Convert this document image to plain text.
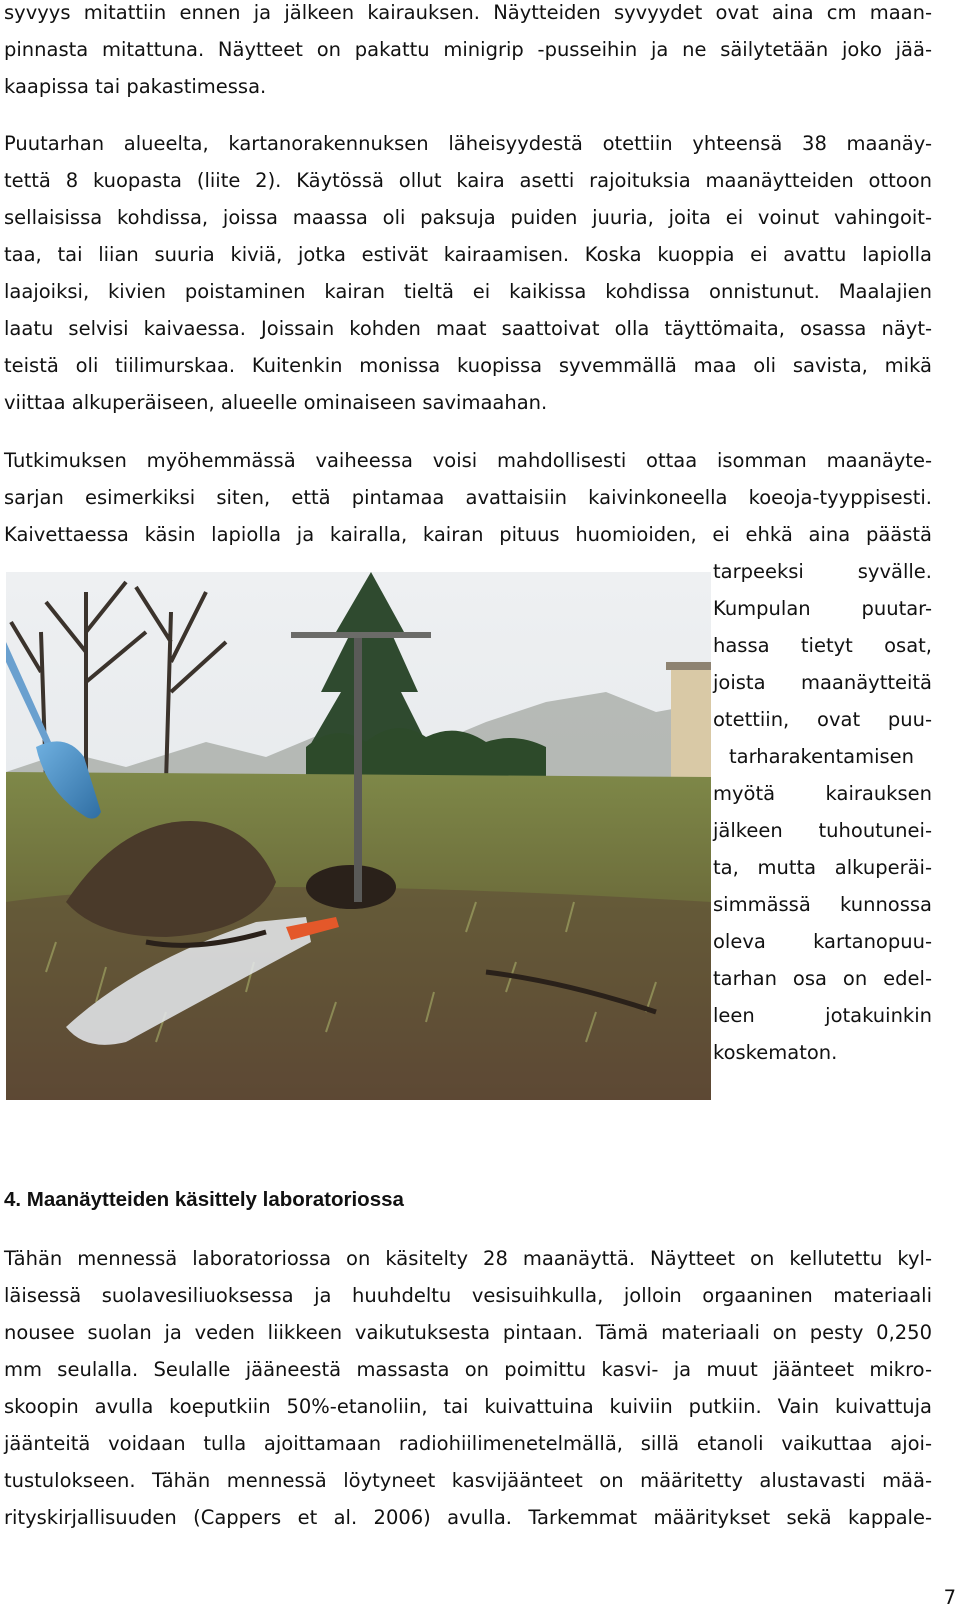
syvyys mitattiin ennen ja jälkeen kairauksen. Näytteiden syvyydet ovat aina cm maan-
pinnasta mitattuna. Näytteet on pakattu minigrip -pusseihin ja ne säilytetään joko jää-
kaapissa tai pakastimessa.
Puutarhan alueelta, kartanorakennuksen läheisyydestä otettiin yhteensä 38 maanäy-
tettä 8 kuopasta (liite 2). Käytössä ollut kaira asetti rajoituksia maanäytteiden ottoon
sellaisissa kohdissa, joissa maassa oli paksuja puiden juuria, joita ei voinut vahingoit-
taa, tai liian suuria kiviä, jotka estivät kairaamisen. Koska kuoppia ei avattu lapiolla
laajoiksi, kivien poistaminen kairan tieltä ei kaikissa kohdissa onnistunut. Maalajien
laatu selvisi kaivaessa. Joissain kohden maat saattoivat olla täyttömaita, osassa näyt-
teistä oli tiilimurskaa. Kuitenkin monissa kuopissa syvemmällä maa oli savista, mikä
viittaa alkuperäiseen, alueelle ominaiseen savimaahan.
Tutkimuksen myöhemmässä vaiheessa voisi mahdollisesti ottaa isomman maanäyte-
sarjan esimerkiksi siten, että pintamaa avattaisiin kaivinkoneella koeoja-tyyppisesti.
Kaivettaessa käsin lapiolla ja kairalla, kairan pituus huomioiden, ei ehkä aina päästä
tarpeeksi syvälle.
Kumpulan puutar-
hassa tietyt osat,
joista maanäytteitä
otettiin, ovat puu-
tarharakentamisen
myötä kairauksen
jälkeen tuhoutunei-
ta, mutta alkuperäi-
simmässä kunnossa
oleva kartanopuu-
tarhan osa on edel-
leen jotakuinkin
koskematon.
4. Maanäytteiden käsittely laboratoriossa
Tähän mennessä laboratoriossa on käsitelty 28 maanäyttä. Näytteet on kellutettu kyl-
läisessä suolavesiliuoksessa ja huuhdeltu vesisuihkulla, jolloin orgaaninen materiaali
nousee suolan ja veden liikkeen vaikutuksesta pintaan. Tämä materiaali on pesty 0,250
mm seulalla. Seulalle jääneestä massasta on poimittu kasvi- ja muut jäänteet mikro-
skoopin avulla koeputkiin 50%-etanoliin, tai kuivattuina kuiviin putkiin. Vain kuivattuja
jäänteitä voidaan tulla ajoittamaan radiohiilimenetelmällä, sillä etanoli vaikuttaa ajoi-
tustulokseen. Tähän mennessä löytyneet kasvijäänteet on määritetty alustavasti mää-
rityskirjallisuuden (Cappers et al. 2006) avulla. Tarkemmat määritykset sekä kappale-
7
